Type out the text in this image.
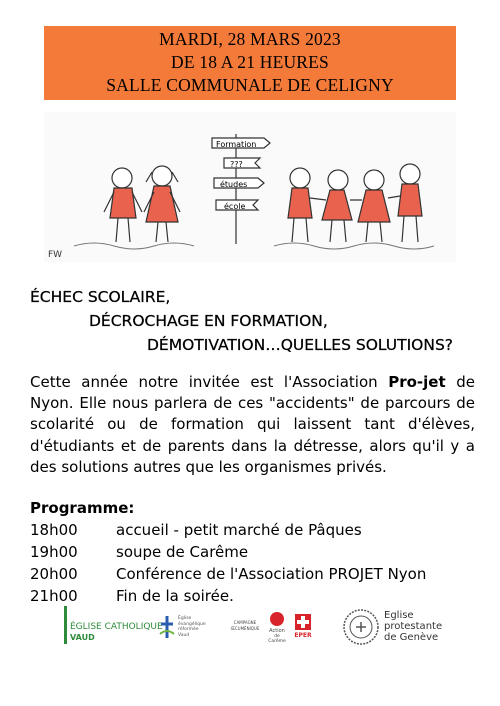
MARDI, 28 MARS 2023
DE 18 A 21 HEURES
SALLE COMMUNALE DE CELIGNY
Formation
???
études
école
FW
ÉCHEC SCOLAIRE,
DÉCROCHAGE EN FORMATION,
DÉMOTIVATION…QUELLES SOLUTIONS?
Cette année notre invitée est l'Association Pro-jet de Nyon. Elle nous parlera de ces "accidents" de parcours de scolarité ou de formation qui laissent tant d'élèves, d'étudiants et de parents dans la détresse, alors qu'il y a des solutions autres que les organismes privés.
Programme:
18h00	accueil - petit marché de Pâques
19h00	soupe de Carême
20h00	Conférence de l'Association PROJET Nyon
21h00	Fin de la soirée.
ÉGLISE CATHOLIQUE
VAUD
Église
évangélique
réformée
Vaud
CAMPAGNE
ŒCUMÉNIQUE	Action
de Carême
EPER
Eglise
protestante
de Genève
